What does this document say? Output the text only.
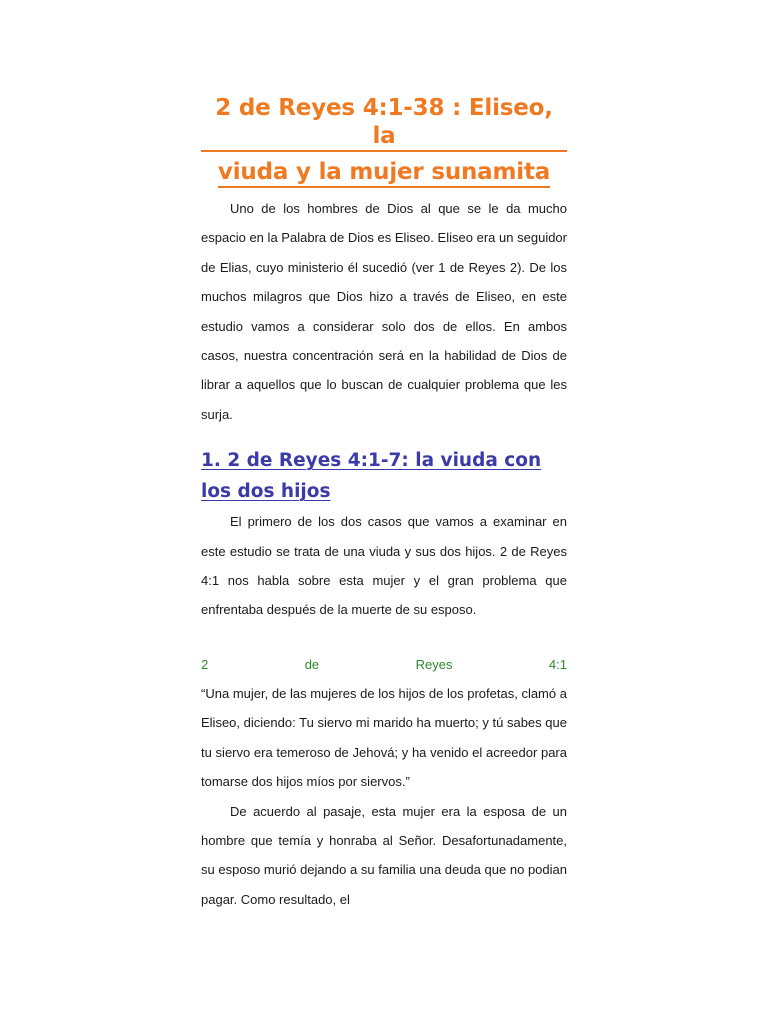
2 de Reyes 4:1-38 : Eliseo, la
viuda y la mujer sunamita

Uno de los hombres de Dios al que se le da mucho espacio en la Palabra de Dios es Eliseo. Eliseo era un seguidor de Elias, cuyo ministerio él sucedió (ver 1 de Reyes 2). De los muchos milagros que Dios hizo a través de Eliseo, en este estudio vamos a considerar solo dos de ellos. En ambos casos, nuestra concentración será en la habilidad de Dios de librar a aquellos que lo buscan de cualquier problema que les surja.

1. 2 de Reyes 4:1-7: la viuda con los dos hijos

El primero de los dos casos que vamos a examinar en este estudio se trata de una viuda y sus dos hijos. 2 de Reyes 4:1 nos habla sobre esta mujer y el gran problema que enfrentaba después de la muerte de su esposo.

2	de	Reyes	4:1

“Una mujer, de las mujeres de los hijos de los profetas, clamó a Eliseo, diciendo: Tu siervo mi marido ha muerto; y tú sabes que tu siervo era temeroso de Jehová; y ha venido el acreedor para tomarse dos hijos míos por siervos.”

De acuerdo al pasaje, esta mujer era la esposa de un hombre que temía y honraba al Señor. Desafortunadamente, su esposo murió dejando a su familia una deuda que no podian pagar. Como resultado, el
